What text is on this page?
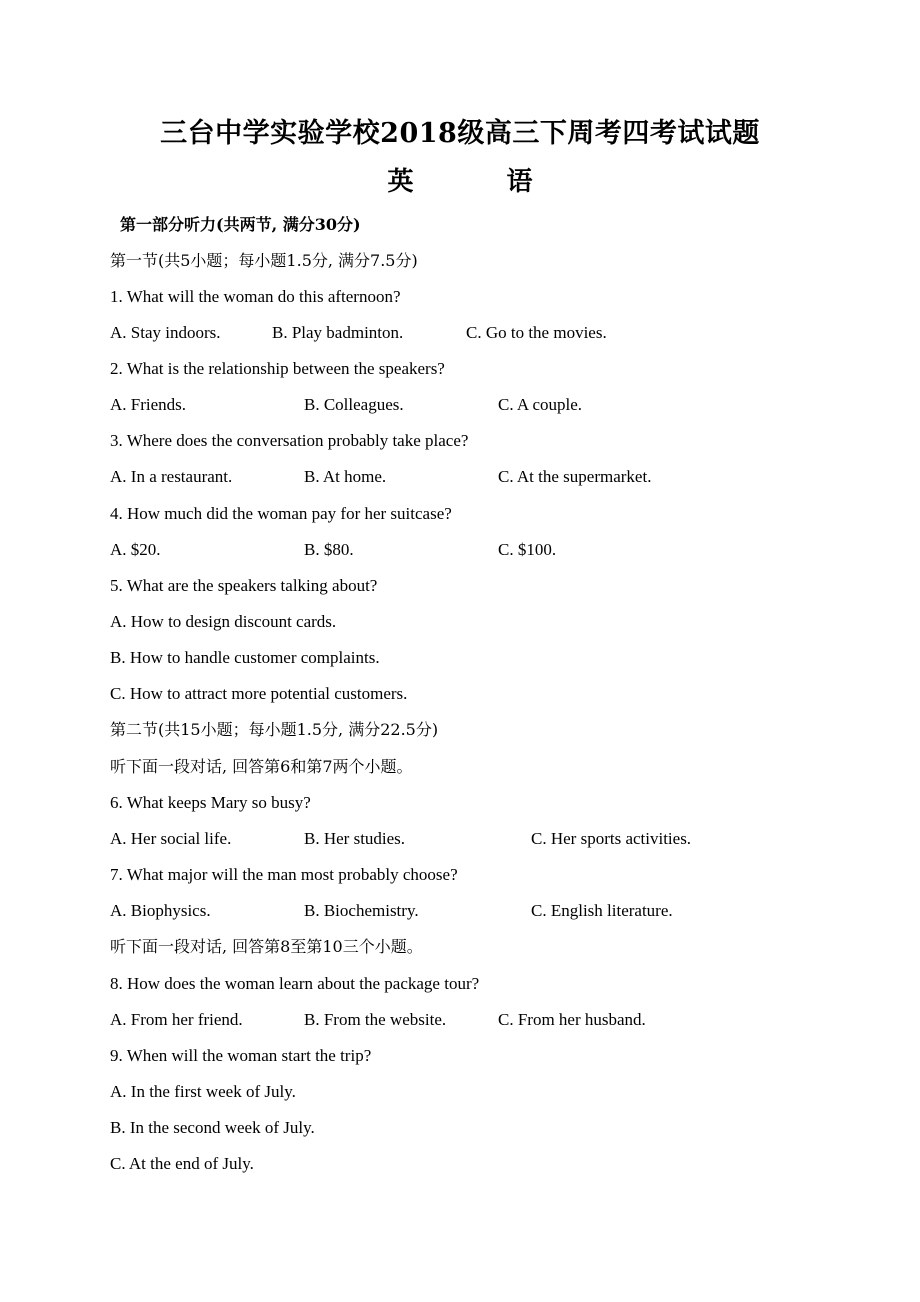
三台中学实验学校2018级高三下周考四考试试题
英 语
第一部分听力(共两节, 满分30分)
第一节(共5小题；每小题1.5分, 满分7.5分)
1. What will the woman do this afternoon?
A. Stay indoors.	B. Play badminton.	C. Go to the movies.
2. What is the relationship between the speakers?
A. Friends.	B. Colleagues.	C. A couple.
3. Where does the conversation probably take place?
A. In a restaurant.	B. At home.	C. At the supermarket.
4. How much did the woman pay for her suitcase?
A. $20.	B. $80.	C. $100.
5. What are the speakers talking about?
A. How to design discount cards.
B. How to handle customer complaints.
C. How to attract more potential customers.
第二节(共15小题；每小题1.5分, 满分22.5分)
听下面一段对话, 回答第6和第7两个小题。
6. What keeps Mary so busy?
A. Her social life.	B. Her studies.	C. Her sports activities.
7. What major will the man most probably choose?
A. Biophysics.	B. Biochemistry.	C. English literature.
听下面一段对话, 回答第8至第10三个小题。
8. How does the woman learn about the package tour?
A. From her friend.	B. From the website.	C. From her husband.
9. When will the woman start the trip?
A. In the first week of July.
B. In the second week of July.
C. At the end of July.
